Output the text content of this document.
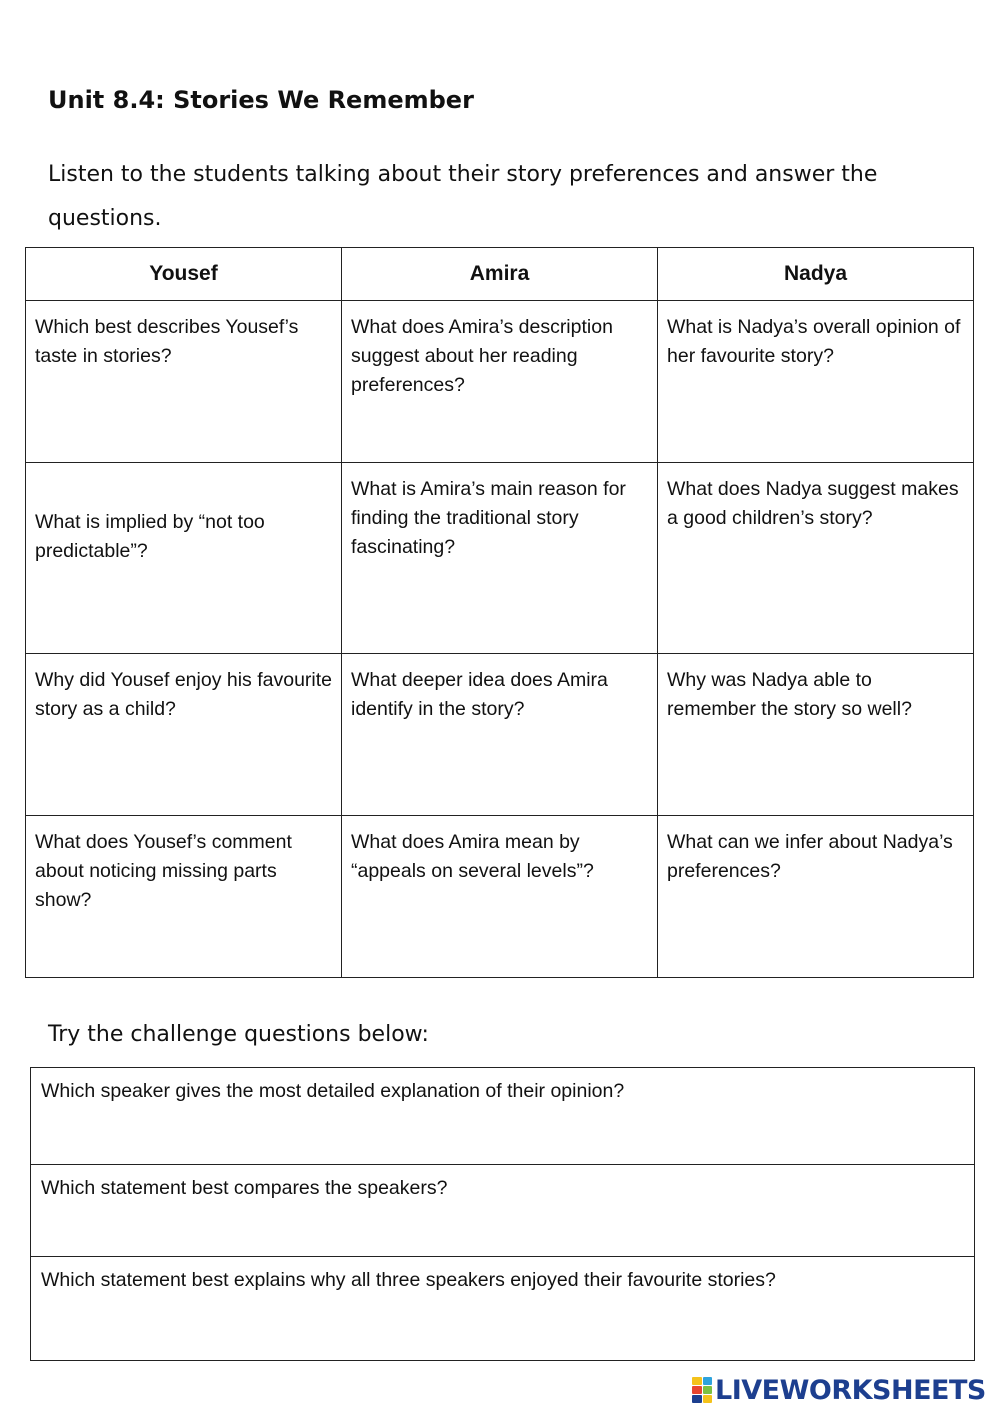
Unit 8.4: Stories We Remember

Listen to the students talking about their story preferences and answer the questions.

Yousef	Amira	Nadya
Which best describes Yousef’s taste in stories?	What does Amira’s description suggest about her reading preferences?	What is Nadya’s overall opinion of her favourite story?

What is implied by “not too predictable”?	What is Amira’s main reason for finding the traditional story fascinating?	What does Nadya suggest makes a good children’s story?
Why did Yousef enjoy his favourite story as a child?	What deeper idea does Amira identify in the story?	Why was Nadya able to remember the story so well?
What does Yousef’s comment about noticing missing parts show?	What does Amira mean by “appeals on several levels”?	What can we infer about Nadya’s preferences?

Try the challenge questions below:

Which speaker gives the most detailed explanation of their opinion?
Which statement best compares the speakers?
Which statement best explains why all three speakers enjoyed their favourite stories?
LIVEWORKSHEETS
